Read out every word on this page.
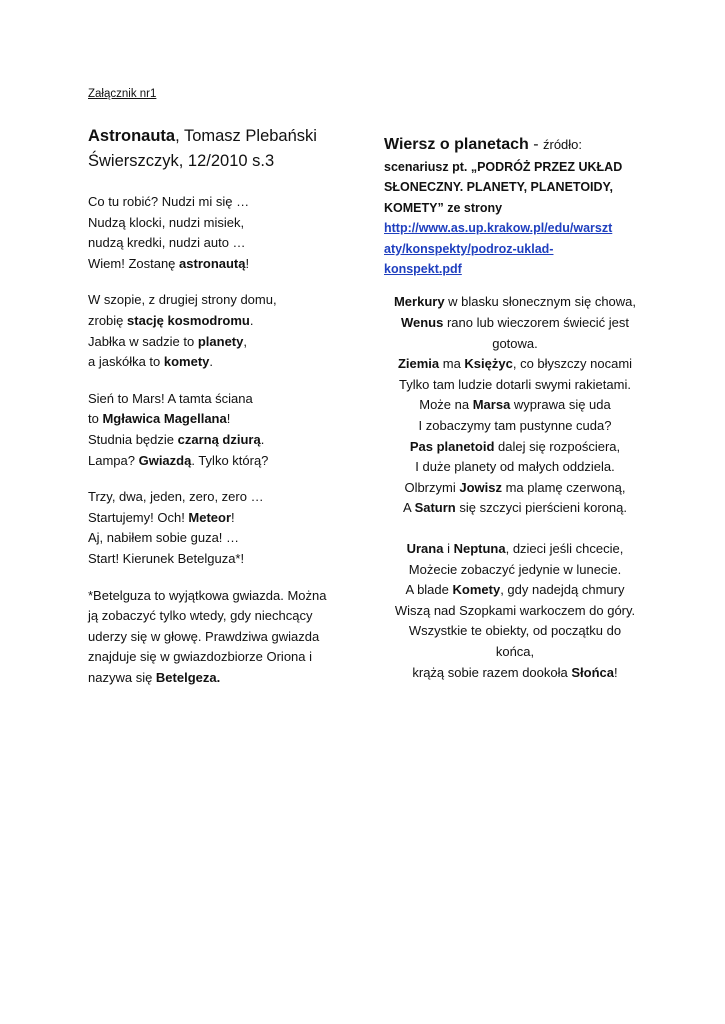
Załącznik nr1
Astronauta, Tomasz Plebański
Świerszczyk, 12/2010 s.3
Co tu robić? Nudzi mi się …
Nudzą klocki, nudzi misiek,
nudzą kredki, nudzi auto …
Wiem! Zostanę astronautą!
W szopie, z drugiej strony domu,
zrobię stację kosmodromu.
Jabłka w sadzie to planety,
a jaskółka to komety.
Sień to Mars! A tamta ściana
to Mgławica Magellana!
Studnia będzie czarną dziurą.
Lampa? Gwiazdą. Tylko którą?
Trzy, dwa, jeden, zero, zero …
Startujemy! Och! Meteor!
Aj, nabiłem sobie guza! …
Start! Kierunek Betelguza*!
*Betelguza to wyjątkowa gwiazda. Można
ją zobaczyć tylko wtedy, gdy niechcący
uderzy się w głowę. Prawdziwa gwiazda
znajduje się w gwiazdozbiorze Oriona i
nazywa się Betelgeza.
Wiersz o planetach - źródło:
scenariusz pt. „PODRÓŻ PRZEZ UKŁAD
SŁONECZNY. PLANETY, PLANETOIDY,
KOMETY” ze strony
http://www.as.up.krakow.pl/edu/warszt
aty/konspekty/podroz-uklad-
konspekt.pdf
Merkury w blasku słonecznym się chowa,
Wenus rano lub wieczorem świecić jest
gotowa.
Ziemia ma Księżyc, co błyszczy nocami
Tylko tam ludzie dotarli swymi rakietami.
Może na Marsa wyprawa się uda
I zobaczymy tam pustynne cuda?
Pas planetoid dalej się rozpościera,
I duże planety od małych oddziela.
Olbrzymi Jowisz ma plamę czerwoną,
A Saturn się szczyci pierścieni koroną.
Urana i Neptuna, dzieci jeśli chcecie,
Możecie zobaczyć jedynie w lunecie.
A blade Komety, gdy nadejdą chmury
Wiszą nad Szopkami warkoczem do góry.
Wszystkie te obiekty, od początku do
końca,
krążą sobie razem dookoła Słońca!
